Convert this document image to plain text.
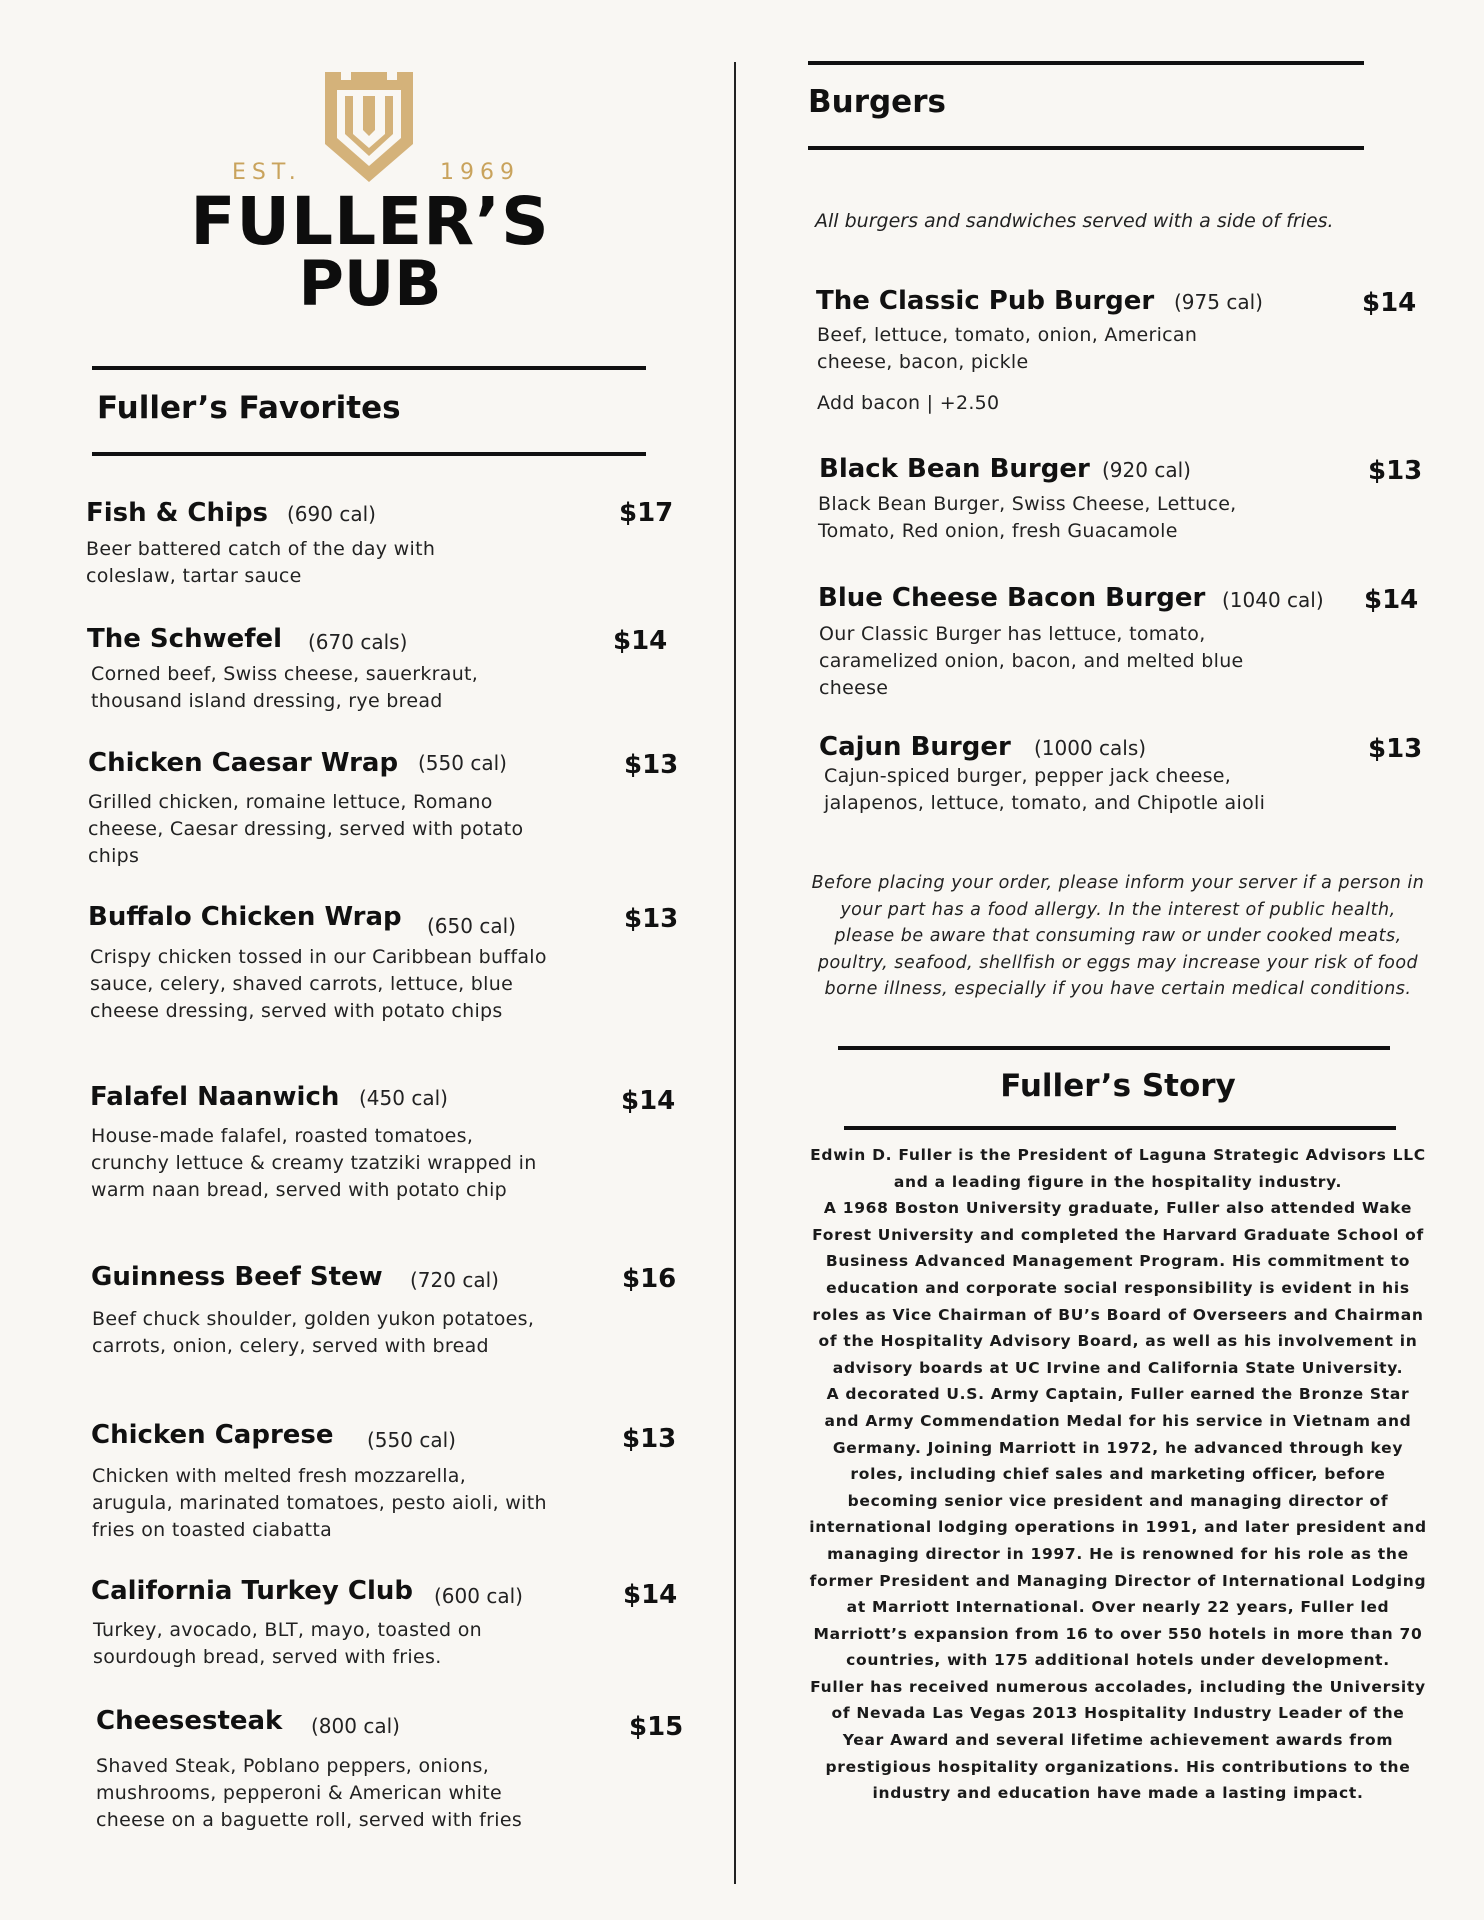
EST.	1969
FULLER’S
PUB
Fuller’s Favorites
Fish & Chips (690 cal)	$17
Beer battered catch of the day with coleslaw, tartar sauce
The Schwefel (670 cals)	$14
Corned beef, Swiss cheese, sauerkraut, thousand island dressing, rye bread
Chicken Caesar Wrap (550 cal)	$13
Grilled chicken, romaine lettuce, Romano cheese, Caesar dressing, served with potato chips
Buffalo Chicken Wrap (650 cal)	$13
Crispy chicken tossed in our Caribbean buffalo sauce, celery, shaved carrots, lettuce, blue cheese dressing, served with potato chips
Falafel Naanwich (450 cal)	$14
House-made falafel, roasted tomatoes, crunchy lettuce & creamy tzatziki wrapped in warm naan bread, served with potato chip
Guinness Beef Stew (720 cal)	$16
Beef chuck shoulder, golden yukon potatoes, carrots, onion, celery, served with bread
Chicken Caprese (550 cal)	$13
Chicken with melted fresh mozzarella, arugula, marinated tomatoes, pesto aioli, with fries on toasted ciabatta
California Turkey Club (600 cal)	$14
Turkey, avocado, BLT, mayo, toasted on sourdough bread, served with fries.
Cheesesteak (800 cal)	$15
Shaved Steak, Poblano peppers, onions, mushrooms, pepperoni & American white cheese on a baguette roll, served with fries
Burgers
All burgers and sandwiches served with a side of fries.
The Classic Pub Burger (975 cal)	$14
Beef, lettuce, tomato, onion, American cheese, bacon, pickle
Add bacon | +2.50
Black Bean Burger (920 cal)	$13
Black Bean Burger, Swiss Cheese, Lettuce, Tomato, Red onion, fresh Guacamole
Blue Cheese Bacon Burger (1040 cal) $14
Our Classic Burger has lettuce, tomato, caramelized onion, bacon, and melted blue cheese
Cajun Burger (1000 cals)	$13
Cajun-spiced burger, pepper jack cheese, jalapenos, lettuce, tomato, and Chipotle aioli
Before placing your order, please inform your server if a person in your part has a food allergy. In the interest of public health, please be aware that consuming raw or under cooked meats, poultry, seafood, shellfish or eggs may increase your risk of food borne illness, especially if you have certain medical conditions.
Fuller’s Story

Edwin D. Fuller is the President of Laguna Strategic Advisors LLC and a leading figure in the hospitality industry.

A 1968 Boston University graduate, Fuller also attended Wake Forest University and completed the Harvard Graduate School of Business Advanced Management Program. His commitment to education and corporate social responsibility is evident in his roles as Vice Chairman of BU’s Board of Overseers and Chairman of the Hospitality Advisory Board, as well as his involvement in advisory boards at UC Irvine and California State University.

A decorated U.S. Army Captain, Fuller earned the Bronze Star and Army Commendation Medal for his service in Vietnam and Germany. Joining Marriott in 1972, he advanced through key roles, including chief sales and marketing officer, before becoming senior vice president and managing director of international lodging operations in 1991, and later president and managing director in 1997. He is renowned for his role as the former President and Managing Director of International Lodging at Marriott International. Over nearly 22 years, Fuller led Marriott’s expansion from 16 to over 550 hotels in more than 70 countries, with 175 additional hotels under development.

Fuller has received numerous accolades, including the University of Nevada Las Vegas 2013 Hospitality Industry Leader of the Year Award and several lifetime achievement awards from prestigious hospitality organizations. His contributions to the industry and education have made a lasting impact.
